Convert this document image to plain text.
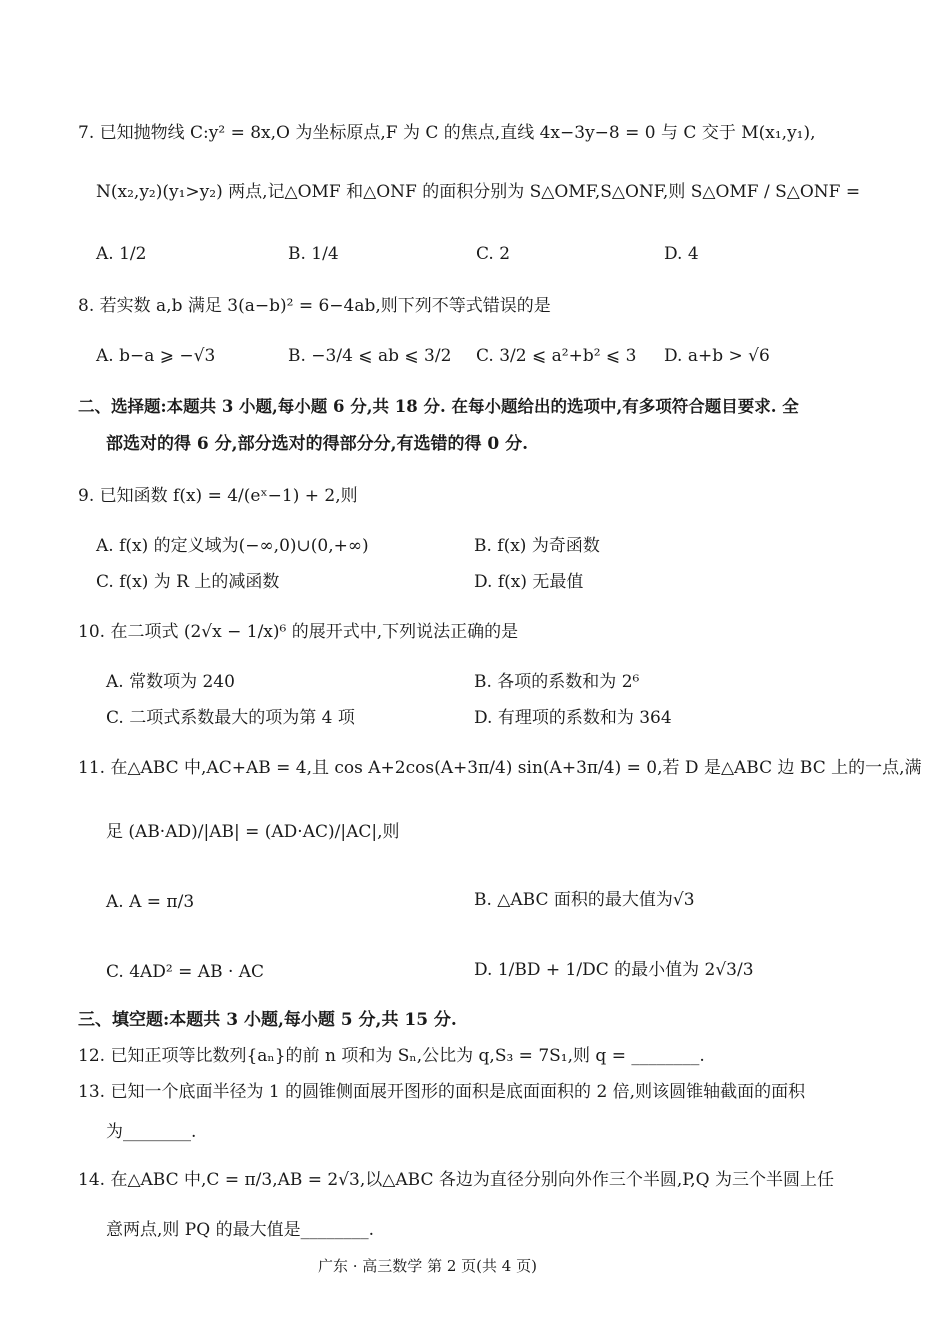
7. 已知抛物线 C:y² = 8x,O 为坐标原点,F 为 C 的焦点,直线 4x−3y−8 = 0 与 C 交于 M(x₁,y₁),
N(x₂,y₂)(y₁>y₂) 两点,记△OMF 和△ONF 的面积分别为 S△OMF,S△ONF,则 S△OMF / S△ONF =
A. 1/2	B. 1/4	C. 2	D. 4
8. 若实数 a,b 满足 3(a−b)² = 6−4ab,则下列不等式错误的是
A. b−a ⩾ −√3	B. −3/4 ⩽ ab ⩽ 3/2 C. 3/2 ⩽ a²+b² ⩽ 3 D. a+b > √6
二、选择题:本题共 3 小题,每小题 6 分,共 18 分. 在每小题给出的选项中,有多项符合题目要求. 全
部选对的得 6 分,部分选对的得部分分,有选错的得 0 分.
9. 已知函数 f(x) = 4/(eˣ−1) + 2,则
A. f(x) 的定义域为(−∞,0)∪(0,+∞)	B. f(x) 为奇函数
C. f(x) 为 R 上的减函数	D. f(x) 无最值
10. 在二项式 (2√x − 1/x)⁶ 的展开式中,下列说法正确的是
A. 常数项为 240	B. 各项的系数和为 2⁶
C. 二项式系数最大的项为第 4 项	D. 有理项的系数和为 364
11. 在△ABC 中,AC+AB = 4,且 cos A+2cos(A+3π/4) sin(A+3π/4) = 0,若 D 是△ABC 边 BC 上的一点,满
足 (AB·AD)/|AB| = (AD·AC)/|AC|,则
A. A = π/3	B. △ABC 面积的最大值为√3
C. 4AD² = AB · AC	D. 1/BD + 1/DC 的最小值为 2√3/3
三、填空题:本题共 3 小题,每小题 5 分,共 15 分.
12. 已知正项等比数列{aₙ}的前 n 项和为 Sₙ,公比为 q,S₃ = 7S₁,则 q = ________.
13. 已知一个底面半径为 1 的圆锥侧面展开图形的面积是底面面积的 2 倍,则该圆锥轴截面的面积
为________.
14. 在△ABC 中,C = π/3,AB = 2√3,以△ABC 各边为直径分别向外作三个半圆,P,Q 为三个半圆上任
意两点,则 PQ 的最大值是________.
广东 · 高三数学 第 2 页(共 4 页)
